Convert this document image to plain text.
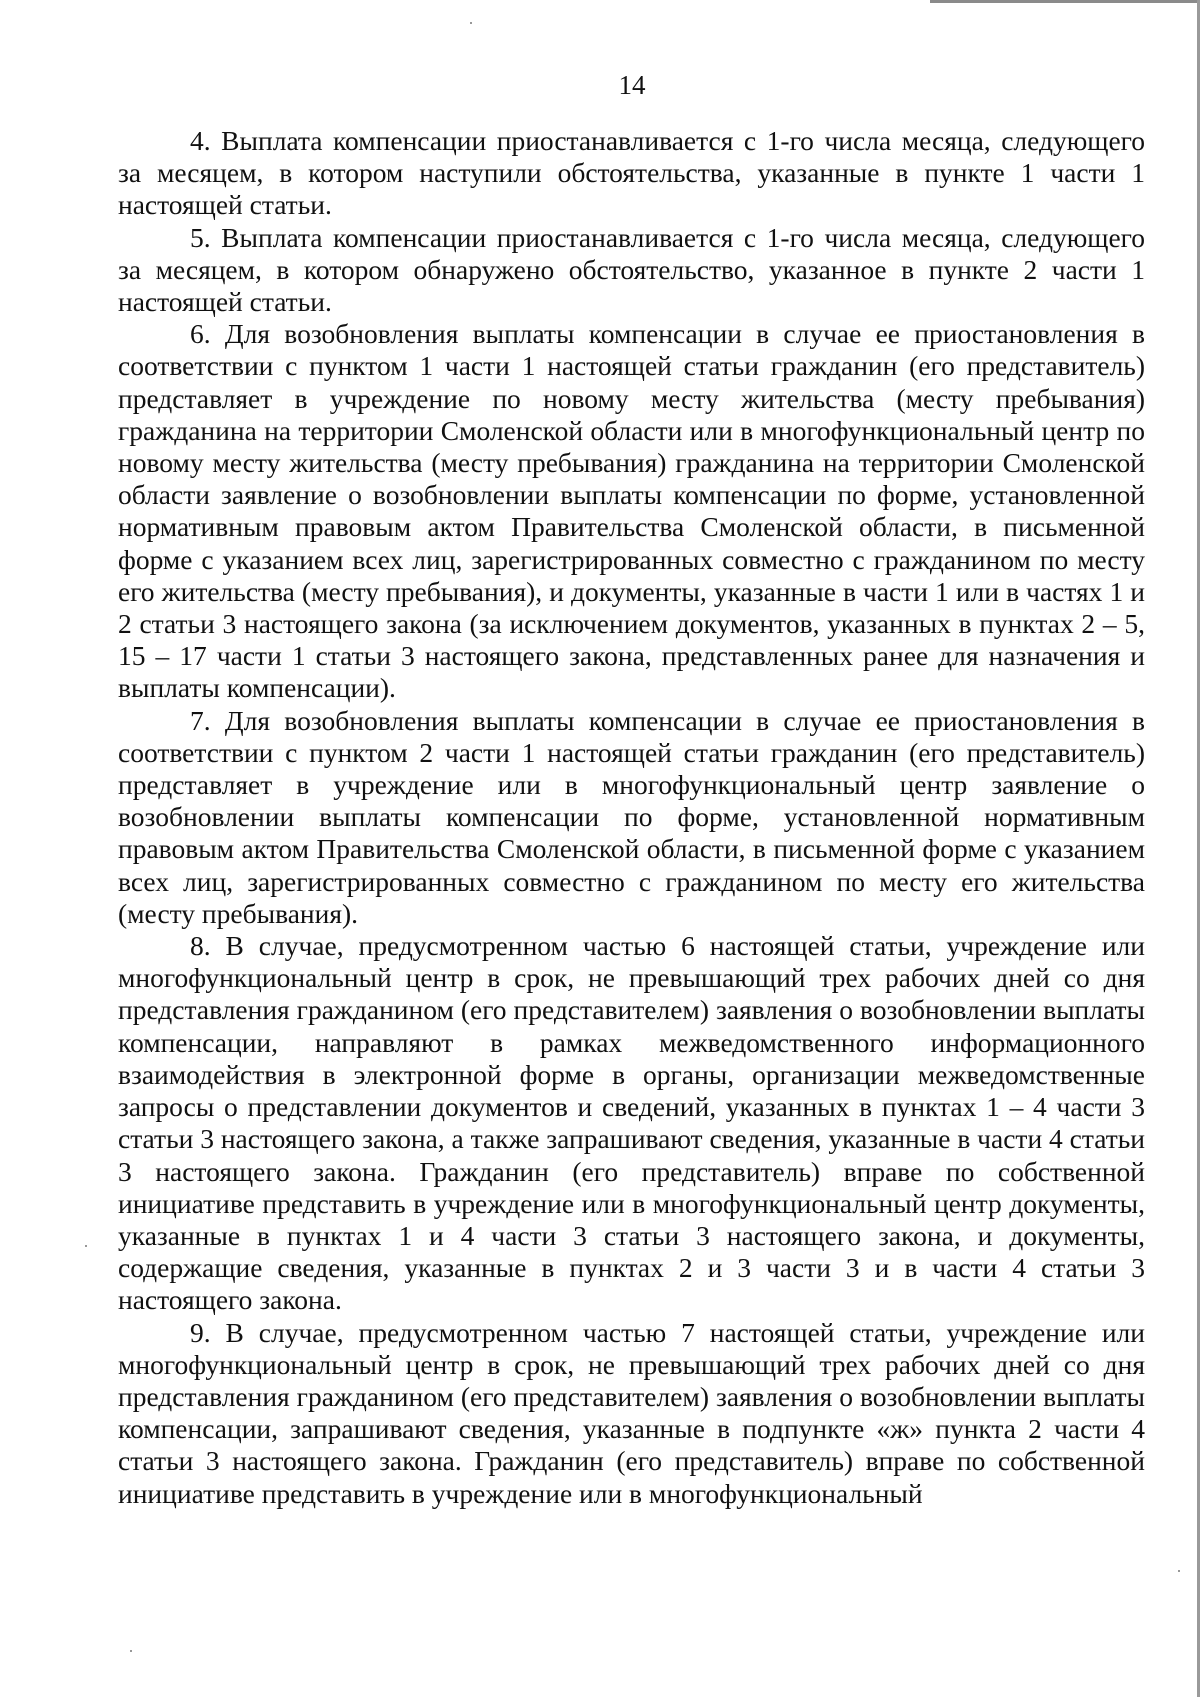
14

4. Выплата компенсации приостанавливается с 1-го числа месяца, следующего за месяцем, в котором наступили обстоятельства, указанные в пункте 1 части 1 настоящей статьи.

5. Выплата компенсации приостанавливается с 1-го числа месяца, следующего за месяцем, в котором обнаружено обстоятельство, указанное в пункте 2 части 1 настоящей статьи.

6. Для возобновления выплаты компенсации в случае ее приостановления в соответствии с пунктом 1 части 1 настоящей статьи гражданин (его представитель) представляет в учреждение по новому месту жительства (месту пребывания) гражданина на территории Смоленской области или в многофункциональный центр по новому месту жительства (месту пребывания) гражданина на территории Смоленской области заявление о возобновлении выплаты компенсации по форме, установленной нормативным правовым актом Правительства Смоленской области, в письменной форме с указанием всех лиц, зарегистрированных совместно с гражданином по месту его жительства (месту пребывания), и документы, указанные в части 1 или в частях 1 и 2 статьи 3 настоящего закона (за исключением документов, указанных в пунктах 2 – 5, 15 – 17 части 1 статьи 3 настоящего закона, представленных ранее для назначения и выплаты компенсации).

7. Для возобновления выплаты компенсации в случае ее приостановления в соответствии с пунктом 2 части 1 настоящей статьи гражданин (его представитель) представляет в учреждение или в многофункциональный центр заявление о возобновлении выплаты компенсации по форме, установленной нормативным правовым актом Правительства Смоленской области, в письменной форме с указанием всех лиц, зарегистрированных совместно с гражданином по месту его жительства (месту пребывания).

8. В случае, предусмотренном частью 6 настоящей статьи, учреждение или многофункциональный центр в срок, не превышающий трех рабочих дней со дня представления гражданином (его представителем) заявления о возобновлении выплаты компенсации, направляют в рамках межведомственного информационного взаимодействия в электронной форме в органы, организации межведомственные запросы о представлении документов и сведений, указанных в пунктах 1 – 4 части 3 статьи 3 настоящего закона, а также запрашивают сведения, указанные в части 4 статьи 3 настоящего закона. Гражданин (его представитель) вправе по собственной инициативе представить в учреждение или в многофункциональный центр документы, указанные в пунктах 1 и 4 части 3 статьи 3 настоящего закона, и документы, содержащие сведения, указанные в пунктах 2 и 3 части 3 и в части 4 статьи 3 настоящего закона.

9. В случае, предусмотренном частью 7 настоящей статьи, учреждение или многофункциональный центр в срок, не превышающий трех рабочих дней со дня представления гражданином (его представителем) заявления о возобновлении выплаты компенсации, запрашивают сведения, указанные в подпункте «ж» пункта 2 части 4 статьи 3 настоящего закона. Гражданин (его представитель) вправе по собственной инициативе представить в учреждение или в многофункциональный
